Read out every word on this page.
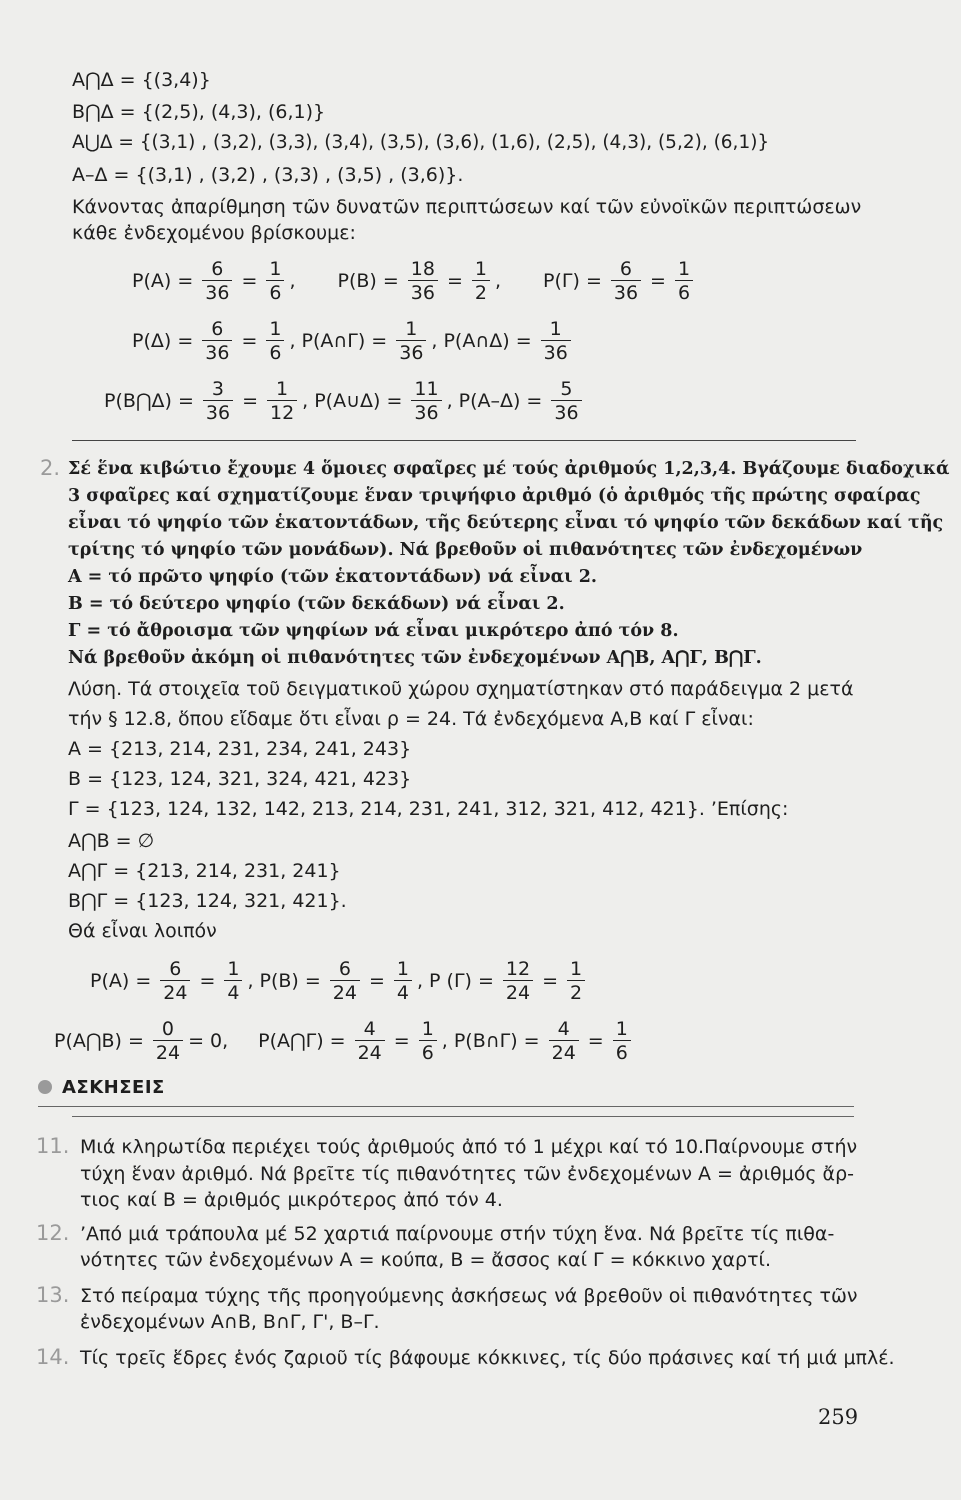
A⋂Δ = {(3,4)}
B⋂Δ = {(2,5), (4,3), (6,1)}
A⋃Δ = {(3,1) , (3,2), (3,3), (3,4), (3,5), (3,6), (1,6), (2,5), (4,3), (5,2), (6,1)}
A–Δ = {(3,1) , (3,2) , (3,3) , (3,5) , (3,6)}.
Κάνοντας ἀπαρίθμηση τῶν δυνατῶν περιπτώσεων καί τῶν εὐνοϊκῶν περιπτώσεων
κάθε ἐνδεχομένου βρίσκουμε:
$P(A) = \frac{6}{36} = \frac{1}{6}$ , $P(B) = \frac{18}{36} = \frac{1}{2}$ , $P(\Gamma) = \frac{6}{36} = \frac{1}{6}$
$P(\Delta) = \frac{6}{36} = \frac{1}{6}$ , P(A∩Γ) = $\frac{1}{36}$ , P(A∩Δ) = $\frac{1}{36}$
P(B⋂Δ) = $\frac{3}{36} = \frac{1}{12}$ , P(A∪Δ) = $\frac{11}{36}$ , $P(A-\Delta) = \frac{5}{36}$
2. Σέ ἕνα κιβώτιο ἔχουμε 4 ὅμοιες σφαῖρες μέ τούς ἀριθμούς 1,2,3,4. Βγάζουμε διαδοχικά
3 σφαῖρες καί σχηματίζουμε ἕναν τριψήφιο ἀριθμό (ὁ ἀριθμός τῆς πρώτης σφαίρας
εἶναι τό ψηφίο τῶν ἑκατοντάδων, τῆς δεύτερης εἶναι τό ψηφίο τῶν δεκάδων καί τῆς
τρίτης τό ψηφίο τῶν μονάδων). Νά βρεθοῦν οἱ πιθανότητες τῶν ἐνδεχομένων
A = τό πρῶτο ψηφίο (τῶν ἑκατοντάδων) νά εἶναι 2.
B = τό δεύτερο ψηφίο (τῶν δεκάδων) νά εἶναι 2.
Γ = τό ἄθροισμα τῶν ψηφίων νά εἶναι μικρότερο ἀπό τόν 8.
Νά βρεθοῦν ἀκόμη οἱ πιθανότητες τῶν ἐνδεχομένων A⋂B, A⋂Γ, B⋂Γ.
Λύση. Τά στοιχεῖα τοῦ δειγματικοῦ χώρου σχηματίστηκαν στό παράδειγμα 2 μετά
τήν § 12.8, ὅπου εἴδαμε ὅτι εἶναι ρ = 24. Τά ἐνδεχόμενα A,B καί Γ εἶναι:
A = {213, 214, 231, 234, 241, 243}
B = {123, 124, 321, 324, 421, 423}
Γ = {123, 124, 132, 142, 213, 214, 231, 241, 312, 321, 412, 421}. ’Επίσης:
A⋂B = ∅
A⋂Γ = {213, 214, 231, 241}
B⋂Γ = {123, 124, 321, 421}.
Θά εἶναι λοιπόν
$P(A) = \frac{6}{24} = \frac{1}{4}$ , $P(B) = \frac{6}{24} = \frac{1}{4}$ , P $(\Gamma) = \frac{12}{24} = \frac{1}{2}$
P(A⋂B) = $\frac{0}{24} = 0$, P(A⋂Γ) = $\frac{4}{24} = \frac{1}{6}$ , P(B∩Γ) = $\frac{4}{24} = \frac{1}{6}$
ΑΣΚΗΣΕΙΣ
11. Μιά κληρωτίδα περιέχει τούς ἀριθμούς ἀπό τό 1 μέχρι καί τό 10.Παίρνουμε στήν
τύχη ἕναν ἀριθμό. Νά βρεῖτε τίς πιθανότητες τῶν ἐνδεχομένων A = ἀριθμός ἄρ-
τιος καί B = ἀριθμός μικρότερος ἀπό τόν 4.
12. ’Από μιά τράπουλα μέ 52 χαρτιά παίρνουμε στήν τύχη ἕνα. Νά βρεῖτε τίς πιθα-
νότητες τῶν ἐνδεχομένων A = κούπα, B = ἄσσος καί Γ = κόκκινο χαρτί.
13. Στό πείραμα τύχης τῆς προηγούμενης ἀσκήσεως νά βρεθοῦν οἱ πιθανότητες τῶν
ἐνδεχομένων A∩B, B∩Γ, Γ', B–Γ.
14. Τίς τρεῖς ἕδρες ἑνός ζαριοῦ τίς βάφουμε κόκκινες, τίς δύο πράσινες καί τή μιά μπλέ.
259
